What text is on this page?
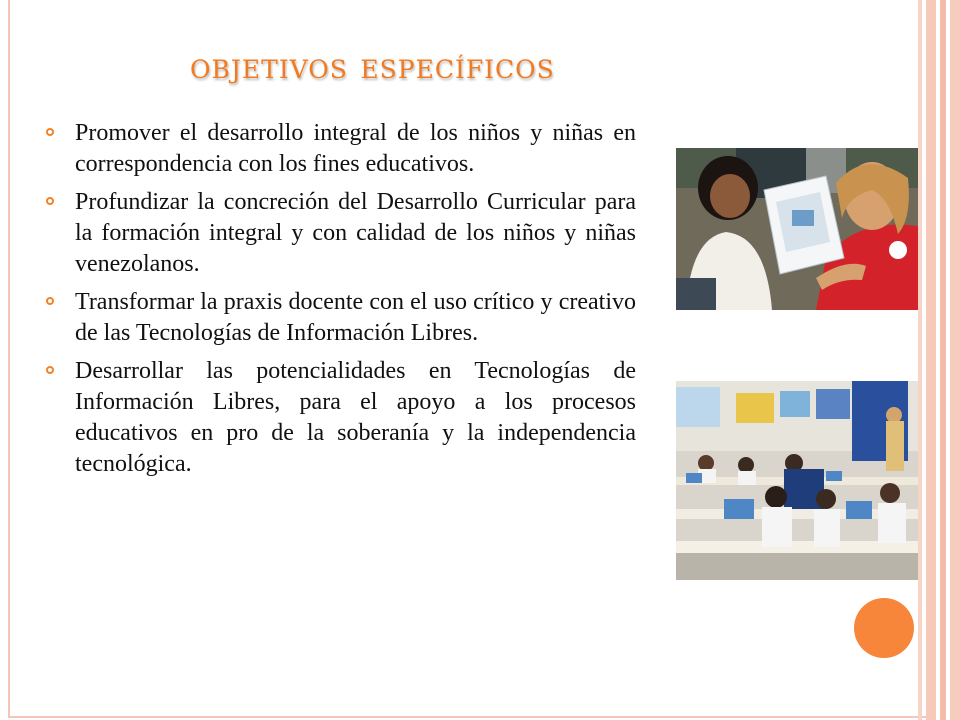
objetivos específicos
Promover el desarrollo integral de los niños y niñas en correspondencia con los fines educativos.
Profundizar la concreción del Desarrollo Curricular para la formación integral y con calidad de los niños y niñas venezolanos.
Transformar la praxis docente con el uso crítico y creativo de las Tecnologías de Información Libres.
Desarrollar las potencialidades en Tecnologías de Información Libres, para el apoyo a los procesos educativos en pro de la soberanía y la independencia tecnológica.
